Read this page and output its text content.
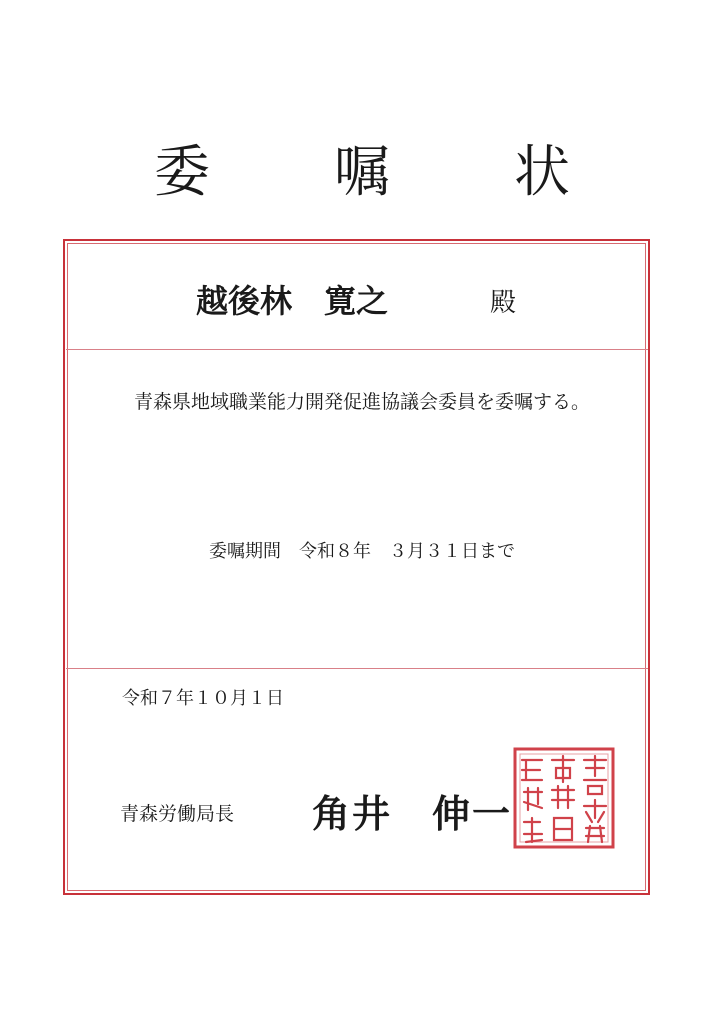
委　嘱　状
越後林　寛之	殿
青森県地域職業能力開発促進協議会委員を委嘱する。
委嘱期間　令和８年　３月３１日まで
令和７年１０月１日
青森労働局長 角井　伸一
